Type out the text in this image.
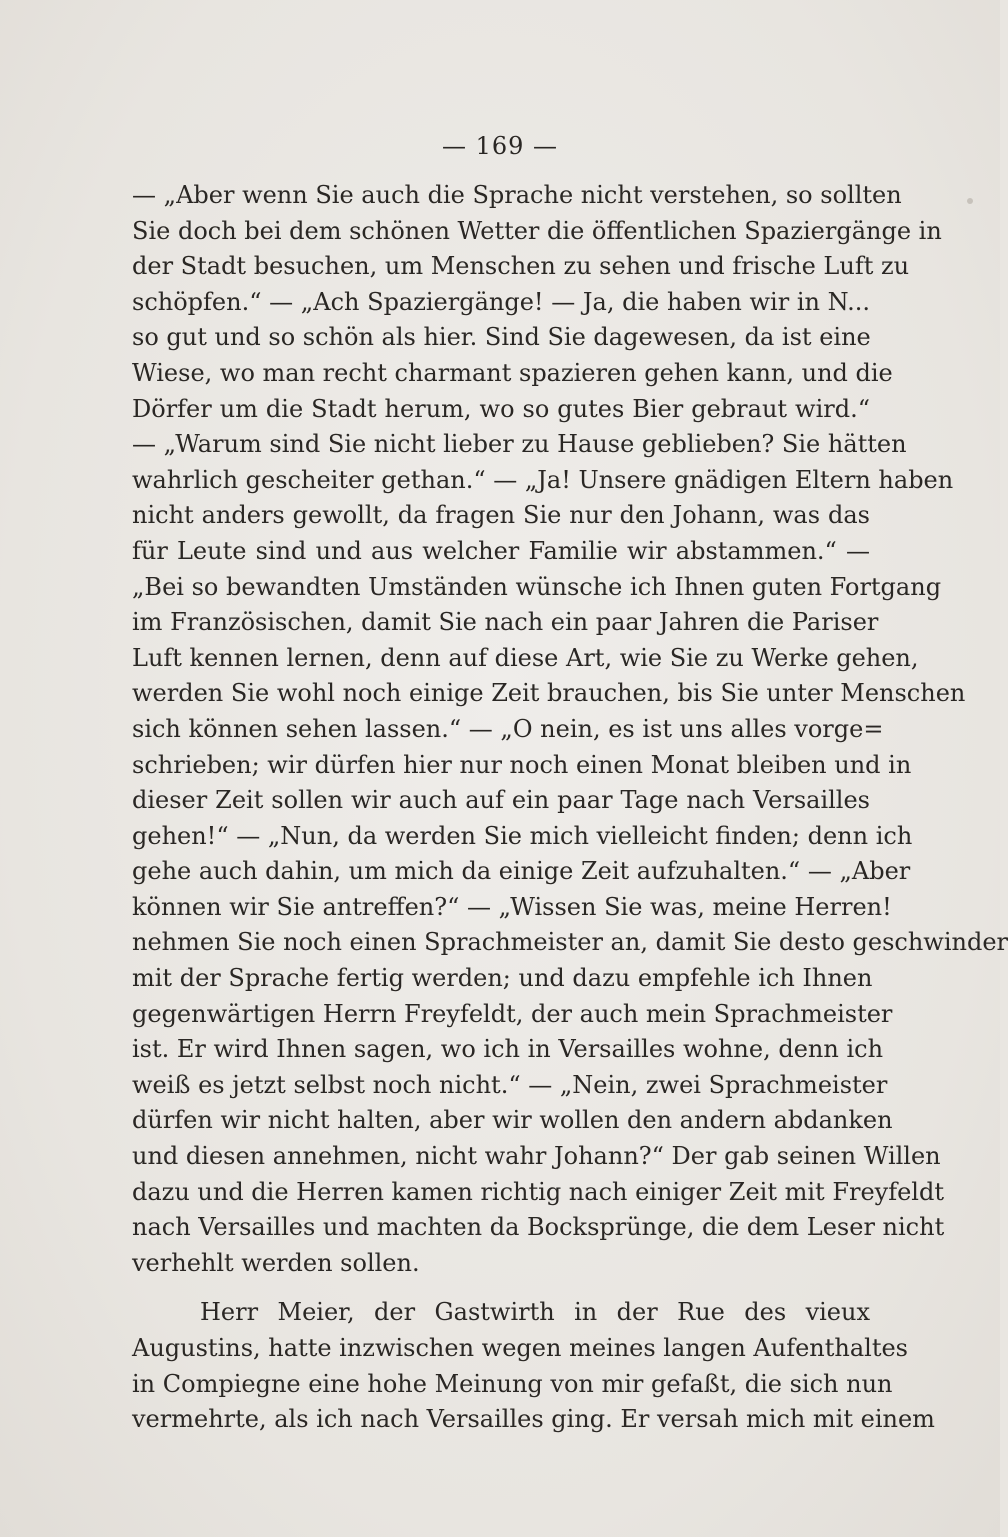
— 169 —
— „Aber wenn Sie auch die Sprache nicht verstehen, so sollten
Sie doch bei dem schönen Wetter die öffentlichen Spaziergänge in
der Stadt besuchen, um Menschen zu sehen und frische Luft zu
schöpfen.“ — „Ach Spaziergänge! — Ja, die haben wir in N...
so gut und so schön als hier. Sind Sie dagewesen, da ist eine
Wiese, wo man recht charmant spazieren gehen kann, und die
Dörfer um die Stadt herum, wo so gutes Bier gebraut wird.“
— „Warum sind Sie nicht lieber zu Hause geblieben? Sie hätten
wahrlich gescheiter gethan.“ — „Ja! Unsere gnädigen Eltern haben
nicht anders gewollt, da fragen Sie nur den Johann, was das
für Leute sind und aus welcher Familie wir abstammen.“ —
„Bei so bewandten Umständen wünsche ich Ihnen guten Fortgang
im Französischen, damit Sie nach ein paar Jahren die Pariser
Luft kennen lernen, denn auf diese Art, wie Sie zu Werke gehen,
werden Sie wohl noch einige Zeit brauchen, bis Sie unter Menschen
sich können sehen lassen.“ — „O nein, es ist uns alles vorge=
schrieben; wir dürfen hier nur noch einen Monat bleiben und in
dieser Zeit sollen wir auch auf ein paar Tage nach Versailles
gehen!“ — „Nun, da werden Sie mich vielleicht finden; denn ich
gehe auch dahin, um mich da einige Zeit aufzuhalten.“ — „Aber
können wir Sie antreffen?“ — „Wissen Sie was, meine Herren!
nehmen Sie noch einen Sprachmeister an, damit Sie desto geschwinder
mit der Sprache fertig werden; und dazu empfehle ich Ihnen
gegenwärtigen Herrn Freyfeldt, der auch mein Sprachmeister
ist. Er wird Ihnen sagen, wo ich in Versailles wohne, denn ich
weiß es jetzt selbst noch nicht.“ — „Nein, zwei Sprachmeister
dürfen wir nicht halten, aber wir wollen den andern abdanken
und diesen annehmen, nicht wahr Johann?“ Der gab seinen Willen
dazu und die Herren kamen richtig nach einiger Zeit mit Freyfeldt
nach Versailles und machten da Bocksprünge, die dem Leser nicht
verhehlt werden sollen.
Herr Meier, der Gastwirth in der Rue des vieux
Augustins, hatte inzwischen wegen meines langen Aufenthaltes
in Compiegne eine hohe Meinung von mir gefaßt, die sich nun
vermehrte, als ich nach Versailles ging. Er versah mich mit einem
